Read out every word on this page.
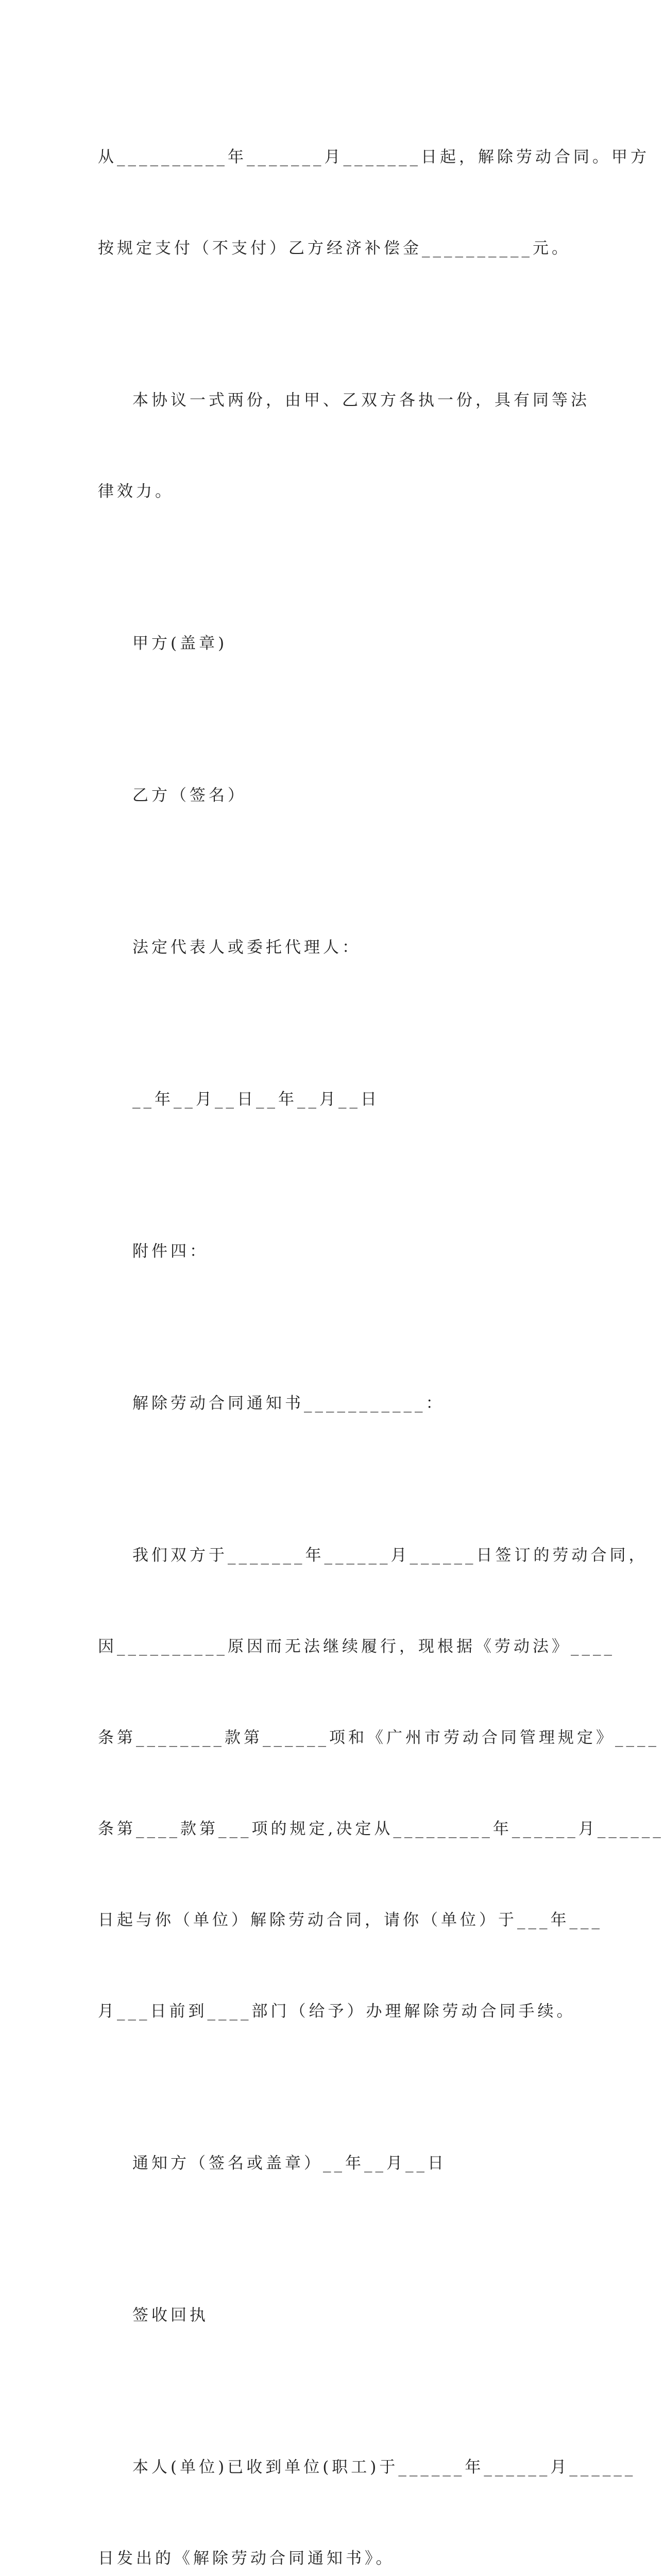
从__________年_______月_______日起，解除劳动合同。甲方

按规定支付（不支付）乙方经济补偿金__________元。

本协议一式两份，由甲、乙双方各执一份，具有同等法

律效力。

甲方(盖章)

乙方（签名）

法定代表人或委托代理人：

__年__月__日__年__月__日

附件四：

解除劳动合同通知书___________：

我们双方于_______年______月______日签订的劳动合同，

因__________原因而无法继续履行，现根据《劳动法》____

条第________款第______项和《广州市劳动合同管理规定》____

条第____款第___项的规定,决定从_________年______月______

日起与你（单位）解除劳动合同，请你（单位）于___年___

月___日前到____部门（给予）办理解除劳动合同手续。

通知方（签名或盖章）__年__月__日

签收回执

本人(单位)已收到单位(职工)于______年______月______

日发出的《解除劳动合同通知书》。
